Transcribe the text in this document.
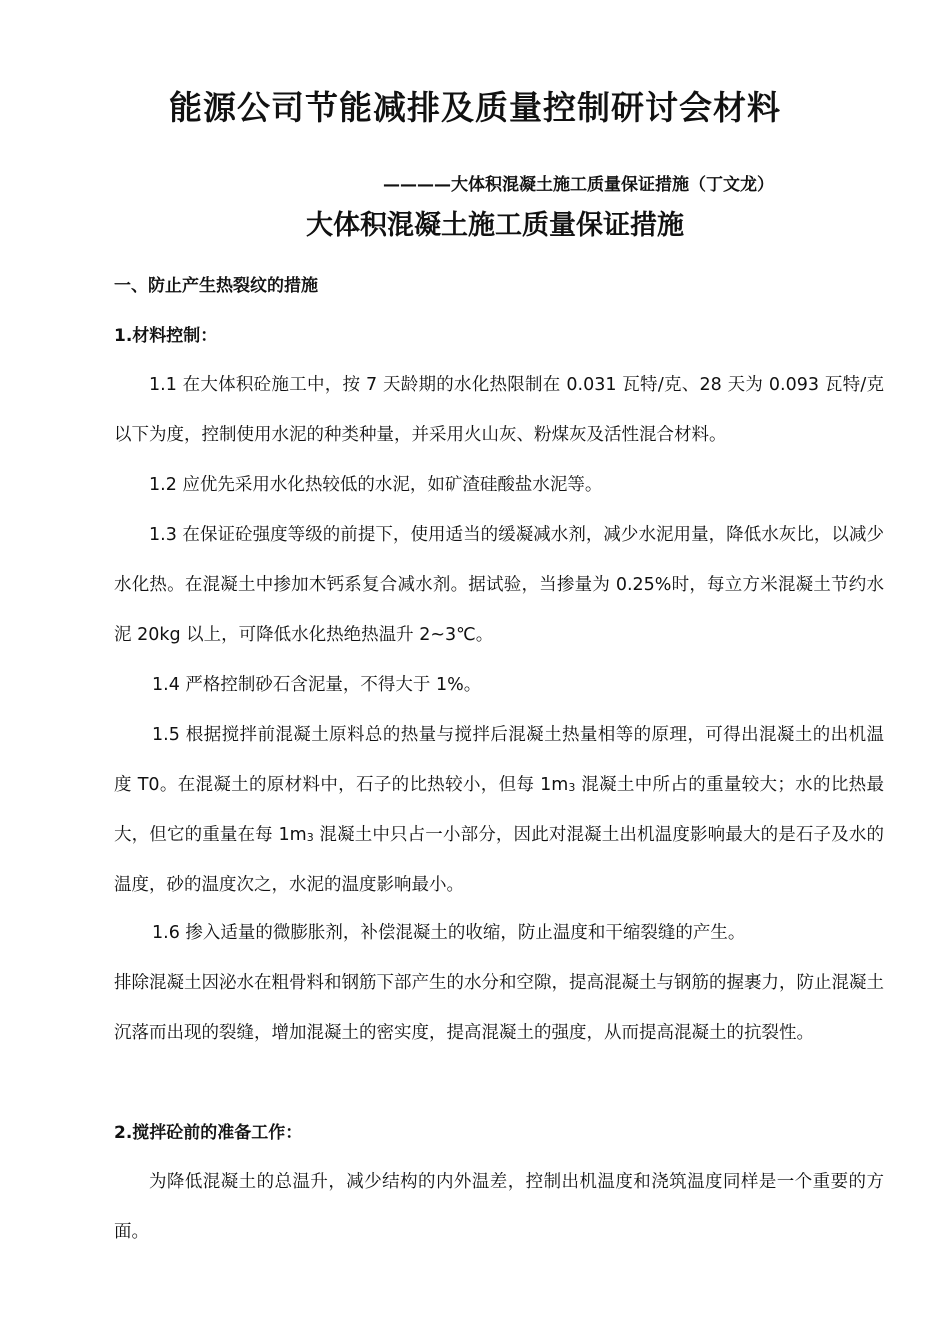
能源公司节能减排及质量控制研讨会材料
————大体积混凝土施工质量保证措施（丁文龙）
大体积混凝土施工质量保证措施
一、防止产生热裂纹的措施
1.材料控制：
1.1 在大体积砼施工中，按 7 天龄期的水化热限制在 0.031 瓦特/克、28 天为 0.093 瓦特/克以下为度，控制使用水泥的种类种量，并采用火山灰、粉煤灰及活性混合材料。
1.2 应优先采用水化热较低的水泥，如矿渣硅酸盐水泥等。
1.3 在保证砼强度等级的前提下，使用适当的缓凝减水剂，减少水泥用量，降低水灰比，以减少水化热。在混凝土中掺加木钙系复合减水剂。据试验，当掺量为 0.25%时，每立方米混凝土节约水泥 20kg 以上，可降低水化热绝热温升 2~3℃。
1.4 严格控制砂石含泥量，不得大于 1%。
1.5 根据搅拌前混凝土原料总的热量与搅拌后混凝土热量相等的原理，可得出混凝土的出机温度 T0。在混凝土的原材料中，石子的比热较小，但每 $1m_3$ 混凝土中所占的重量较大；水的比热最大，但它的重量在每 $1m_3$ 混凝土中只占一小部分，因此对混凝土出机温度影响最大的是石子及水的温度，砂的温度次之，水泥的温度影响最小。
1.6 掺入适量的微膨胀剂，补偿混凝土的收缩，防止温度和干缩裂缝的产生。
排除混凝土因泌水在粗骨料和钢筋下部产生的水分和空隙，提高混凝土与钢筋的握裹力，防止混凝土沉落而出现的裂缝，增加混凝土的密实度，提高混凝土的强度，从而提高混凝土的抗裂性。
2.搅拌砼前的准备工作：
为降低混凝土的总温升，减少结构的内外温差，控制出机温度和浇筑温度同样是一个重要的方面。
